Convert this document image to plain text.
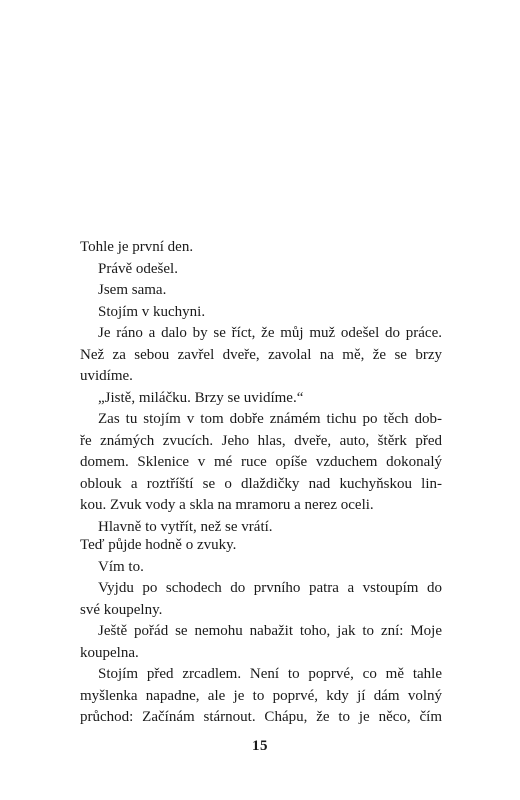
Tohle je první den.
Právě odešel.
Jsem sama.
Stojím v kuchyni.
Je ráno a dalo by se říct, že můj muž odešel do práce.
Než za sebou zavřel dveře, zavolal na mě, že se brzy
uvidíme.
„Jistě, miláčku. Brzy se uvidíme.“
Zas tu stojím v tom dobře známém tichu po těch dob-
ře známých zvucích. Jeho hlas, dveře, auto, štěrk před
domem. Sklenice v mé ruce opíše vzduchem dokonalý
oblouk a roztříští se o dlaždičky nad kuchyňskou lin-
kou. Zvuk vody a skla na mramoru a nerez oceli.
Hlavně to vytřít, než se vrátí.
Teď půjde hodně o zvuky.
Vím to.
Vyjdu po schodech do prvního patra a vstoupím do
své koupelny.
Ještě pořád se nemohu nabažit toho, jak to zní: Moje
koupelna.
Stojím před zrcadlem. Není to poprvé, co mě tahle
myšlenka napadne, ale je to poprvé, kdy jí dám volný
průchod: Začínám stárnout. Chápu, že to je něco, čím
15
